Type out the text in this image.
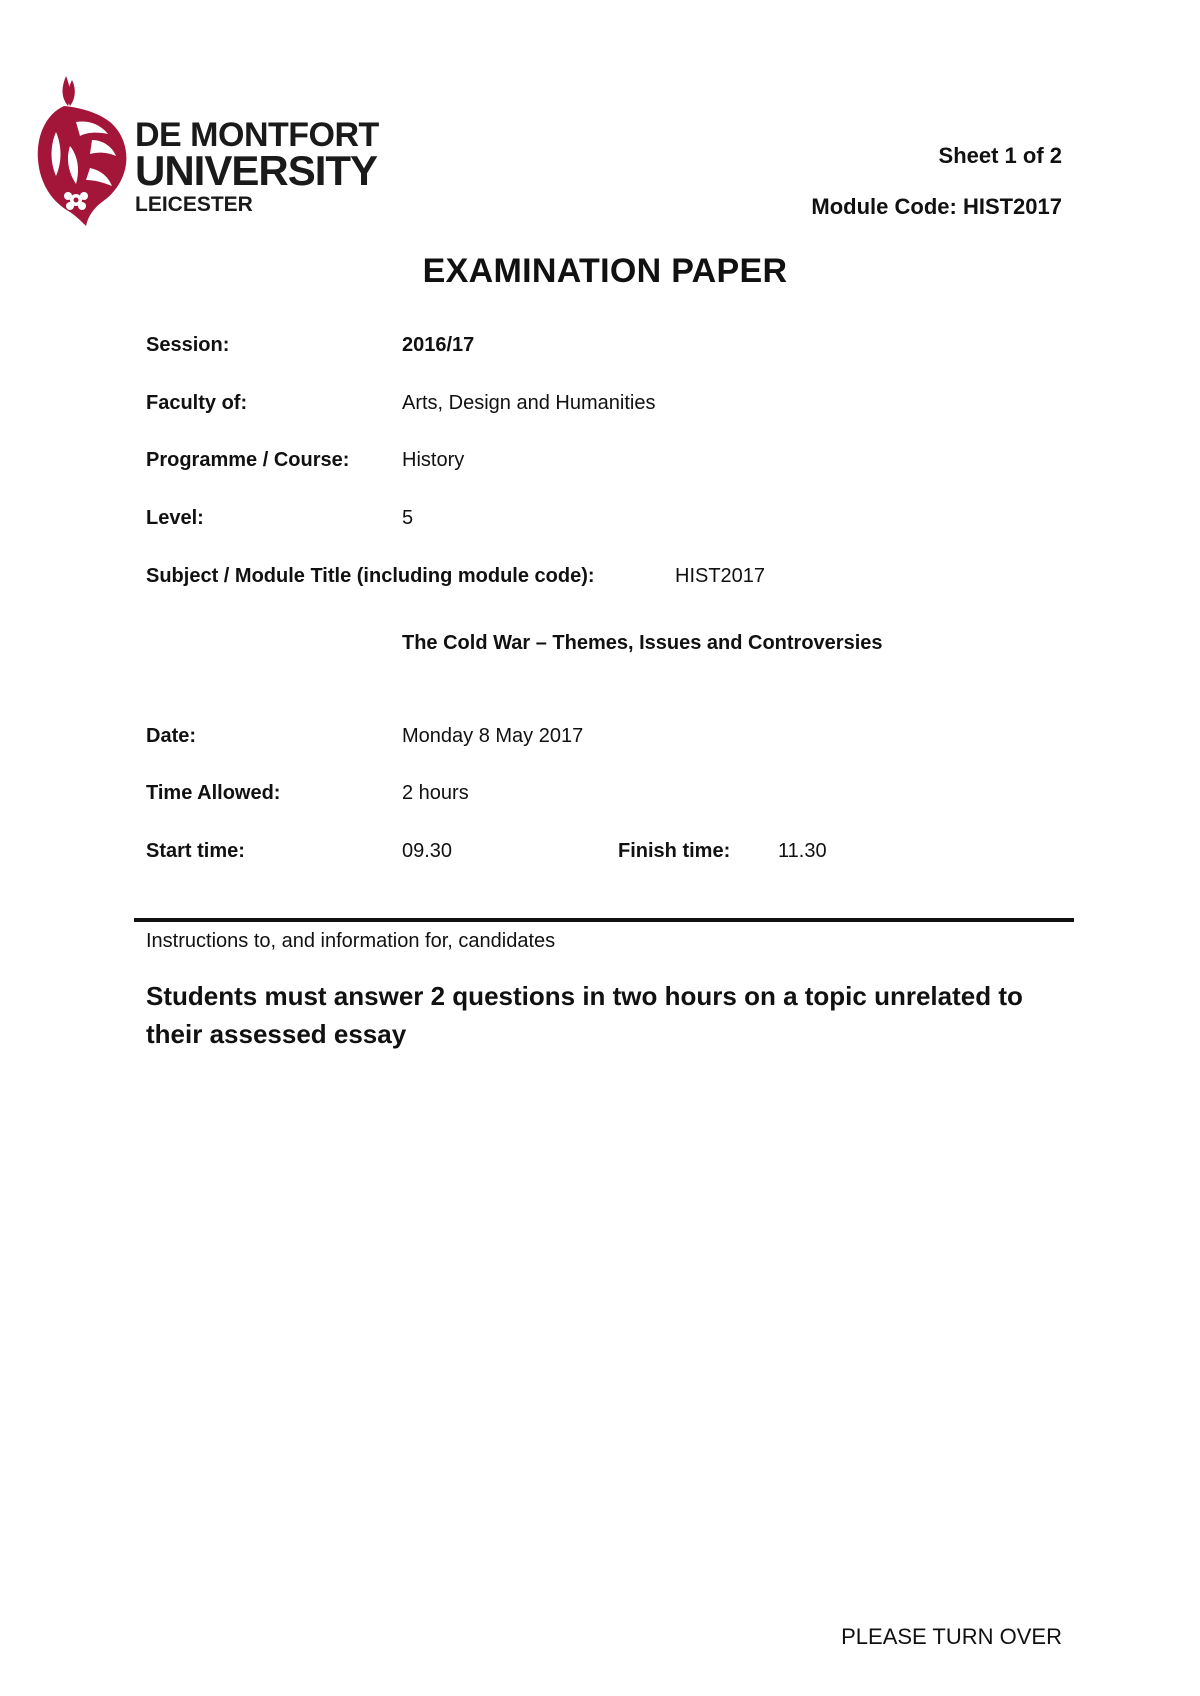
DE MONTFORT
UNIVERSITY
LEICESTER
Sheet 1 of 2
Module Code: HIST2017
EXAMINATION PAPER
Session:	2016/17
Faculty of:	Arts, Design and Humanities
Programme / Course:	History
Level:	5
Subject / Module Title (including module code):	HIST2017
The Cold War – Themes, Issues and Controversies
Date:	Monday 8 May 2017
Time Allowed:	2 hours
Start time:	09.30	Finish time: 11.30
Instructions to, and information for, candidates
Students must answer 2 questions in two hours on a topic unrelated to their assessed essay
PLEASE TURN OVER
